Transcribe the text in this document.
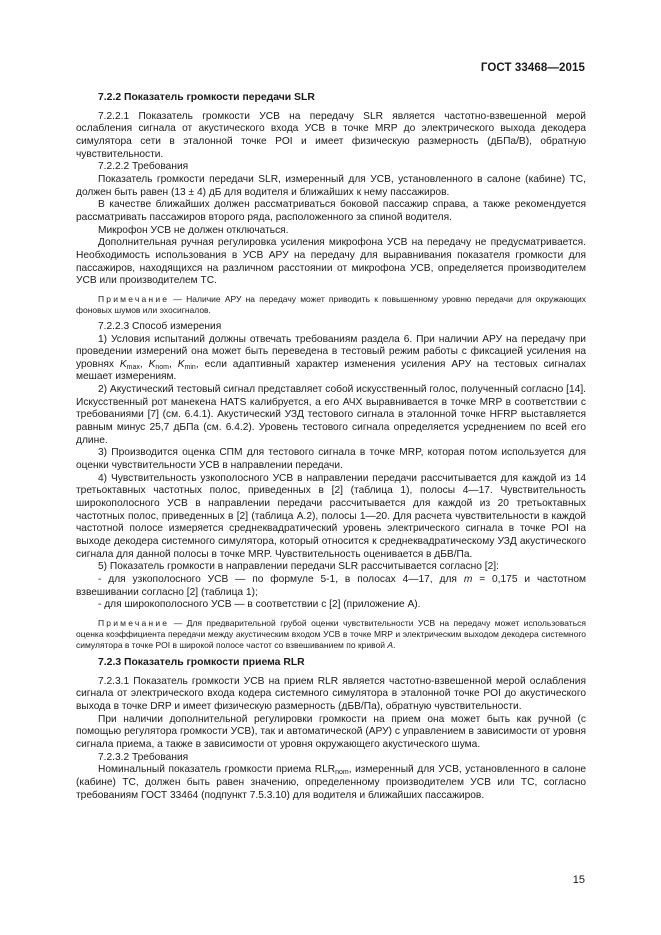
ГОСТ 33468—2015
7.2.2 Показатель громкости передачи SLR

7.2.2.1 Показатель громкости УСВ на передачу SLR является частотно-взвешенной мерой ослабления сигнала от акустического входа УСВ в точке MRP до электрического выхода декодера симулятора сети в эталонной точке POI и имеет физическую размерность (дБПа/В), обратную чувствительности.

7.2.2.2 Требования

Показатель громкости передачи SLR, измеренный для УСВ, установленного в салоне (кабине) ТС, должен быть равен (13 ± 4) дБ для водителя и ближайших к нему пассажиров.

В качестве ближайших должен рассматриваться боковой пассажир справа, а также рекомендуется рассматривать пассажиров второго ряда, расположенного за спиной водителя.

Микрофон УСВ не должен отключаться.

Дополнительная ручная регулировка усиления микрофона УСВ на передачу не предусматривается. Необходимость использования в УСВ АРУ на передачу для выравнивания показателя громкости для пассажиров, находящихся на различном расстоянии от микрофона УСВ, определяется производителем УСВ или производителем ТС.

Примечание — Наличие АРУ на передачу может приводить к повышенному уровню передачи для окружающих фоновых шумов или эхосигналов.

7.2.2.3 Способ измерения

1) Условия испытаний должны отвечать требованиям раздела 6. При наличии АРУ на передачу при проведении измерений она может быть переведена в тестовый режим работы с фиксацией усиления на уровнях $K_{max}$, $K_{nom}$, $K_{min}$, если адаптивный характер изменения усиления АРУ на тестовых сигналах мешает измерениям.

2) Акустический тестовый сигнал представляет собой искусственный голос, полученный согласно [14]. Искусственный рот манекена HATS калибруется, а его АЧХ выравнивается в точке MRP в соответствии с требованиями [7] (см. 6.4.1). Акустический УЗД тестового сигнала в эталонной точке HFRP выставляется равным минус 25,7 дБПа (см. 6.4.2). Уровень тестового сигнала определяется усреднением по всей его длине.

3) Производится оценка СПМ для тестового сигнала в точке MRP, которая потом используется для оценки чувствительности УСВ в направлении передачи.

4) Чувствительность узкополосного УСВ в направлении передачи рассчитывается для каждой из 14 третьоктавных частотных полос, приведенных в [2] (таблица 1), полосы 4—17. Чувствительность широкополосного УСВ в направлении передачи рассчитывается для каждой из 20 третьоктавных частотных полос, приведенных в [2] (таблица А.2), полосы 1—20. Для расчета чувствительности в каждой частотной полосе измеряется среднеквадратический уровень электрического сигнала в точке POI на выходе декодера системного симулятора, который относится к среднеквадратическому УЗД акустического сигнала для данной полосы в точке MRP. Чувствительность оценивается в дБВ/Па.

5) Показатель громкости в направлении передачи SLR рассчитывается согласно [2]:

- для узкополосного УСВ — по формуле 5-1, в полосах 4—17, для m = 0,175 и частотном взвешивании согласно [2] (таблица 1);

- для широкополосного УСВ — в соответствии с [2] (приложение А).

Примечание — Для предварительной грубой оценки чувствительности УСВ на передачу может использоваться оценка коэффициента передачи между акустическим входом УСВ в точке MRP и электрическим выходом декодера системного симулятора в точке POI в широкой полосе частот со взвешиванием по кривой A.

7.2.3 Показатель громкости приема RLR

7.2.3.1 Показатель громкости УСВ на прием RLR является частотно-взвешенной мерой ослабления сигнала от электрического входа кодера системного симулятора в эталонной точке POI до акустического выхода в точке DRP и имеет физическую размерность (дБВ/Па), обратную чувствительности.

При наличии дополнительной регулировки громкости на прием она может быть как ручной (с помощью регулятора громкости УСВ), так и автоматической (АРУ) с управлением в зависимости от уровня сигнала приема, а также в зависимости от уровня окружающего акустического шума.

7.2.3.2 Требования

Номинальный показатель громкости приема $RLR_{nom}$, измеренный для УСВ, установленного в салоне (кабине) ТС, должен быть равен значению, определенному производителем УСВ или ТС, согласно требованиям ГОСТ 33464 (подпункт 7.5.3.10) для водителя и ближайших пассажиров.

15
